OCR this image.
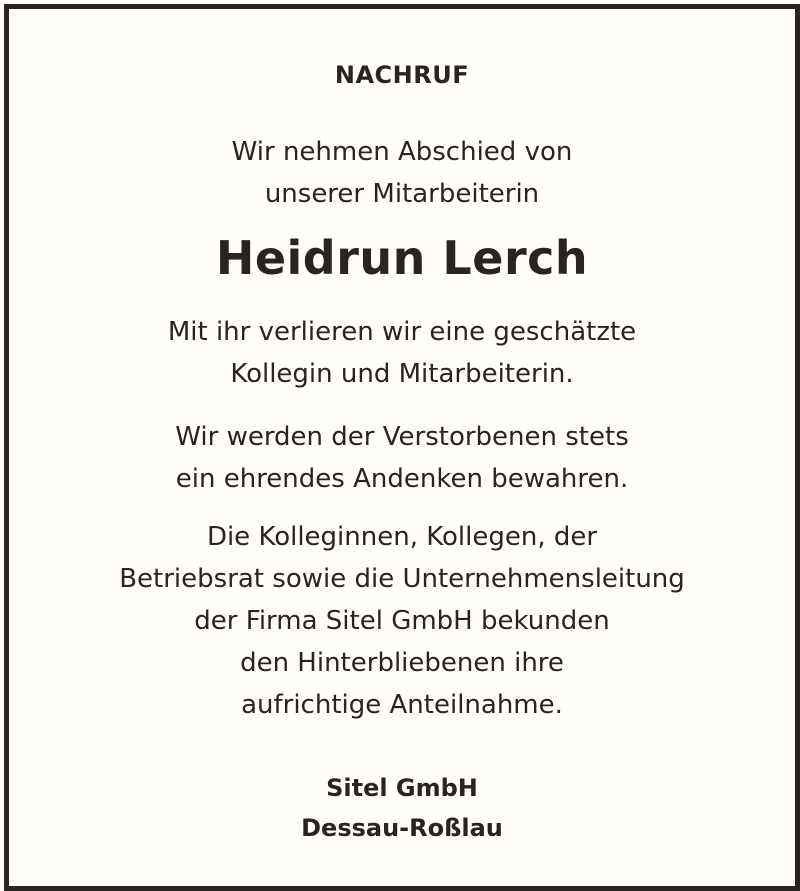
NACHRUF
Wir nehmen Abschied von
unserer Mitarbeiterin
Heidrun Lerch
Mit ihr verlieren wir eine geschätzte
Kollegin und Mitarbeiterin.
Wir werden der Verstorbenen stets
ein ehrendes Andenken bewahren.
Die Kolleginnen, Kollegen, der
Betriebsrat sowie die Unternehmensleitung
der Firma Sitel GmbH bekunden
den Hinterbliebenen ihre
aufrichtige Anteilnahme.
Sitel GmbH
Dessau-Roßlau
